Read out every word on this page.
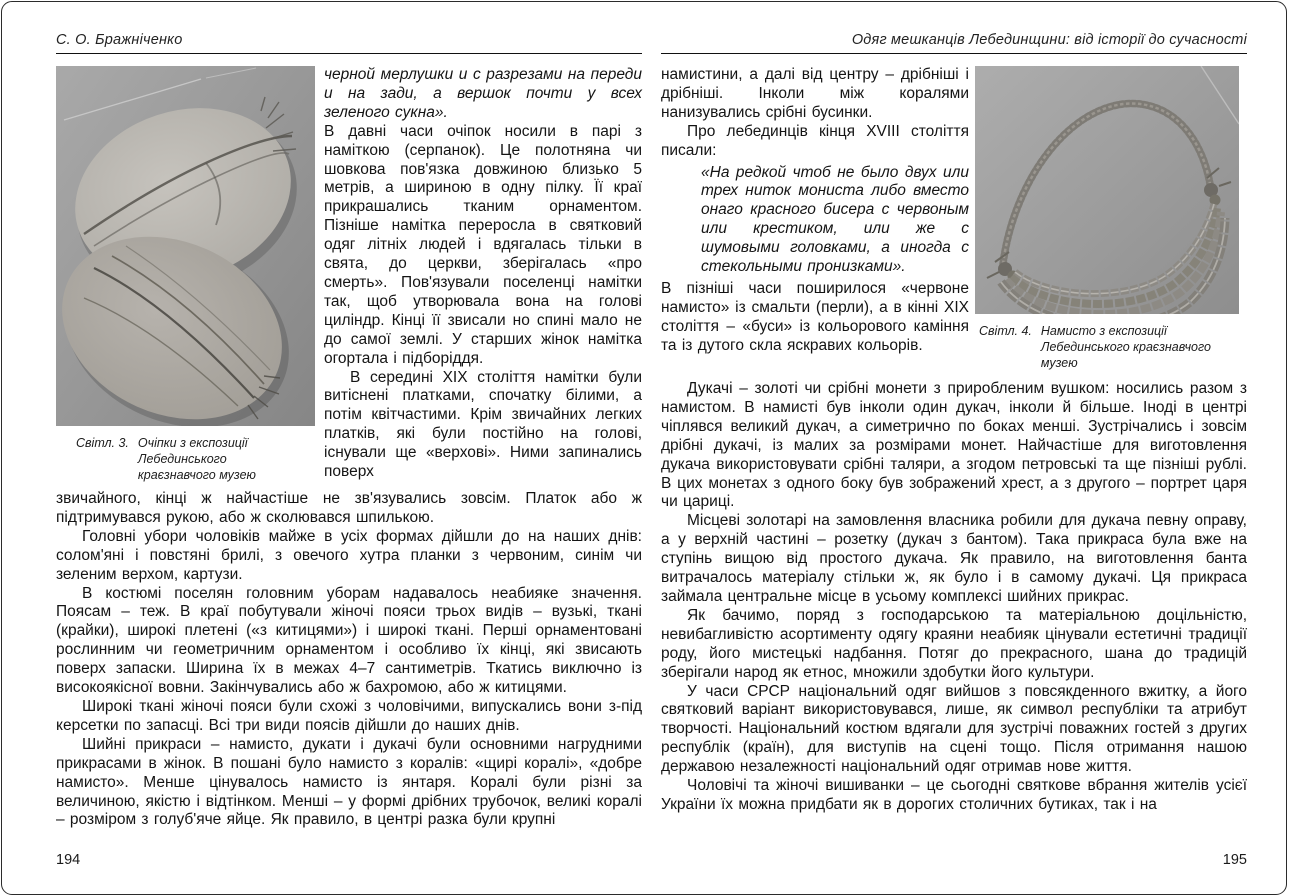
С. О. Бражніченко
Світл. 3. Очіпки з експозиції Лебединського краєзнавчого музею

черной мерлушки и с разрезами на переди и на зади, а вершок почти у всех зеленого сукна».

В давні часи очіпок носили в парі з наміткою (серпанок). Це полотняна чи шовкова пов'язка довжиною близько 5 метрів, а шириною в одну пілку. Її краї прикрашались тканим орнаментом. Пізніше намітка переросла в святковий одяг літніх людей і вдягалась тільки в свята, до церкви, зберігалась «про смерть». Пов'язували поселенці намітки так, щоб утворювала вона на голові циліндр. Кінці її звисали но спині мало не до самої землі. У старших жінок намітка огортала і підборіддя.

В середині XIX століття намітки були витіснені платками, спочатку білими, а потім квітчастими. Крім звичайних легких платків, які були постійно на голові, існували ще «верхові». Ними запинались поверх

звичайного, кінці ж найчастіше не зв'язувались зовсім. Платок або ж підтримувався рукою, або ж сколювався шпилькою.

Головні убори чоловіків майже в усіх формах дійшли до на наших днів: солом'яні і повстяні брилі, з овечого хутра планки з червоним, синім чи зеленим верхом, картузи.

В костюмі поселян головним уборам надавалось неабияке значення. Поясам – теж. В краї побутували жіночі пояси трьох видів – вузькі, ткані (крайки), широкі плетені («з китицями») і широкі ткані. Перші орнаментовані рослинним чи геометричним орнаментом і особливо їх кінці, які звисають поверх запаски. Ширина їх в межах 4–7 сантиметрів. Ткатись виключно із високоякісної вовни. Закінчувались або ж бахромою, або ж китицями.

Широкі ткані жіночі пояси були схожі з чоловічими, випускались вони з-під керсетки по запасці. Всі три види поясів дійшли до наших днів.

Шийні прикраси – намисто, дукати і дукачі були основними нагрудними прикрасами в жінок. В пошані було намисто з коралів: «щирі коралі», «добре намисто». Менше цінувалось намисто із янтаря. Коралі були різні за величиною, якістю і відтінком. Менші – у формі дрібних трубочок, великі коралі – розміром з голуб'яче яйце. Як правило, в центрі разка були крупні

194
Одяг мешканців Лебединщини: від історії до сучасності

намистини, а далі від центру – дрібніші і дрібніші. Інколи між коралями нанизувались срібні бусинки.

Про лебединців кінця XVIII століття писали:

«На редкой чтоб не было двух или трех ниток мониста либо вместо онаго красного бисера с червоным или крестиком, или же с шумовыми головками, а иногда с стекольными пронизками».

В пізніші часи поширилося «червоне намисто» із смальти (перли), а в кінні XIX століття – «буси» із кольорового каміння та із дутого скла яскравих кольорів.

Світл. 4. Намисто з експозиції Лебединського краєзнавчого музею

Дукачі – золоті чи срібні монети з приробленим вушком: носились разом з намистом. В намисті був інколи один дукач, інколи й більше. Іноді в центрі чіплявся великий дукач, а симетрично по боках менші. Зустрічались і зовсім дрібні дукачі, із малих за розмірами монет. Найчастіше для виготовлення дукача використовувати срібні таляри, а згодом петровські та ще пізніші рублі. В цих монетах з одного боку був зображений хрест, а з другого – портрет царя чи цариці.

Місцеві золотарі на замовлення власника робили для дукача певну оправу, а у верхній частині – розетку (дукач з бантом). Така прикраса була вже на ступінь вищою від простого дукача. Як правило, на виготовлення банта витрачалось матеріалу стільки ж, як було і в самому дукачі. Ця прикраса займала центральне місце в усьому комплексі шийних прикрас.

Як бачимо, поряд з господарською та матеріальною доцільністю, невибагливістю асортименту одягу краяни неабияк цінували естетичні традиції роду, його мистецькі надбання. Потяг до прекрасного, шана до традицій зберігали народ як етнос, множили здобутки його культури.

У часи СРСР національний одяг вийшов з повсякденного вжитку, а його святковий варіант використовувався, лише, як символ республіки та атрибут творчості. Національний костюм вдягали для зустрічі поважних гостей з других республік (країн), для виступів на сцені тощо. Після отримання нашою державою незалежності національний одяг отримав нове життя.

Чоловічі та жіночі вишиванки – це сьогодні святкове вбрання жителів усієї України їх можна придбати як в дорогих столичних бутиках, так і на

195
